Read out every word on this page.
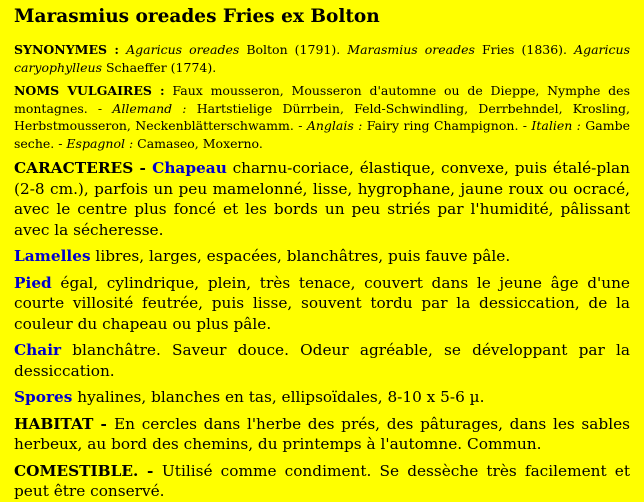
Marasmius oreades Fries ex Bolton

SYNONYMES : Agaricus oreades Bolton (1791). Marasmius oreades Fries (1836). Agaricus caryophylleus Schaeffer (1774).

NOMS VULGAIRES : Faux mousseron, Mousseron d'automne ou de Dieppe, Nymphe des montagnes. - Allemand : Hartstielige Dürrbein, Feld-Schwindling, Derrbehndel, Krosling, Herbstmousseron, Neckenblätterschwamm. - Anglais : Fairy ring Champignon. - Italien : Gambe seche. - Espagnol : Camaseo, Moxerno.

CARACTERES - Chapeau charnu-coriace, élastique, convexe, puis étalé-plan (2-8 cm.), parfois un peu mamelonné, lisse, hygrophane, jaune roux ou ocracé, avec le centre plus foncé et les bords un peu striés par l'humidité, pâlissant avec la sécheresse.

Lamelles libres, larges, espacées, blanchâtres, puis fauve pâle.

Pied égal, cylindrique, plein, très tenace, couvert dans le jeune âge d'une courte villosité feutrée, puis lisse, souvent tordu par la dessiccation, de la couleur du chapeau ou plus pâle.

Chair blanchâtre. Saveur douce. Odeur agréable, se développant par la dessiccation.

Spores hyalines, blanches en tas, ellipsoïdales, 8-10 x 5-6 µ.

HABITAT - En cercles dans l'herbe des prés, des pâturages, dans les sables herbeux, au bord des chemins, du printemps à l'automne. Commun.

COMESTIBLE. - Utilisé comme condiment. Se dessèche très facilement et peut être conservé.
